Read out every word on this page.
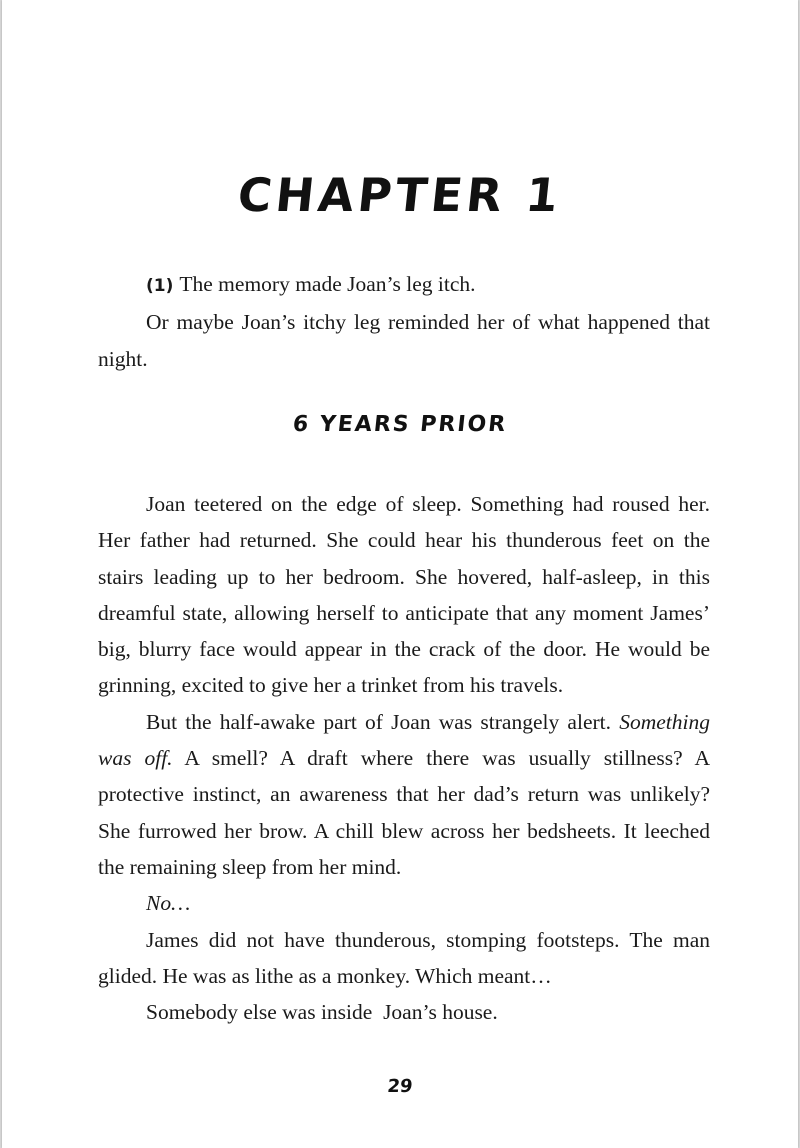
CHAPTER 1

(1) The memory made Joan’s leg itch.

Or maybe Joan’s itchy leg reminded her of what happened that night.

6 YEARS PRIOR

Joan teetered on the edge of sleep. Something had roused her. Her father had returned. She could hear his thunderous feet on the stairs leading up to her bedroom. She hovered, half-asleep, in this dreamful state, allowing herself to anticipate that any moment James’ big, blurry face would appear in the crack of the door. He would be grinning, excited to give her a trinket from his travels.

But the half-awake part of Joan was strangely alert. Something was off. A smell? A draft where there was usually stillness? A protective instinct, an awareness that her dad’s return was unlikely? She furrowed her brow. A chill blew across her bedsheets. It leeched the remaining sleep from her mind.

No…

James did not have thunderous, stomping footsteps. The man glided. He was as lithe as a monkey. Which meant…

Somebody else was inside  Joan’s house.

29
